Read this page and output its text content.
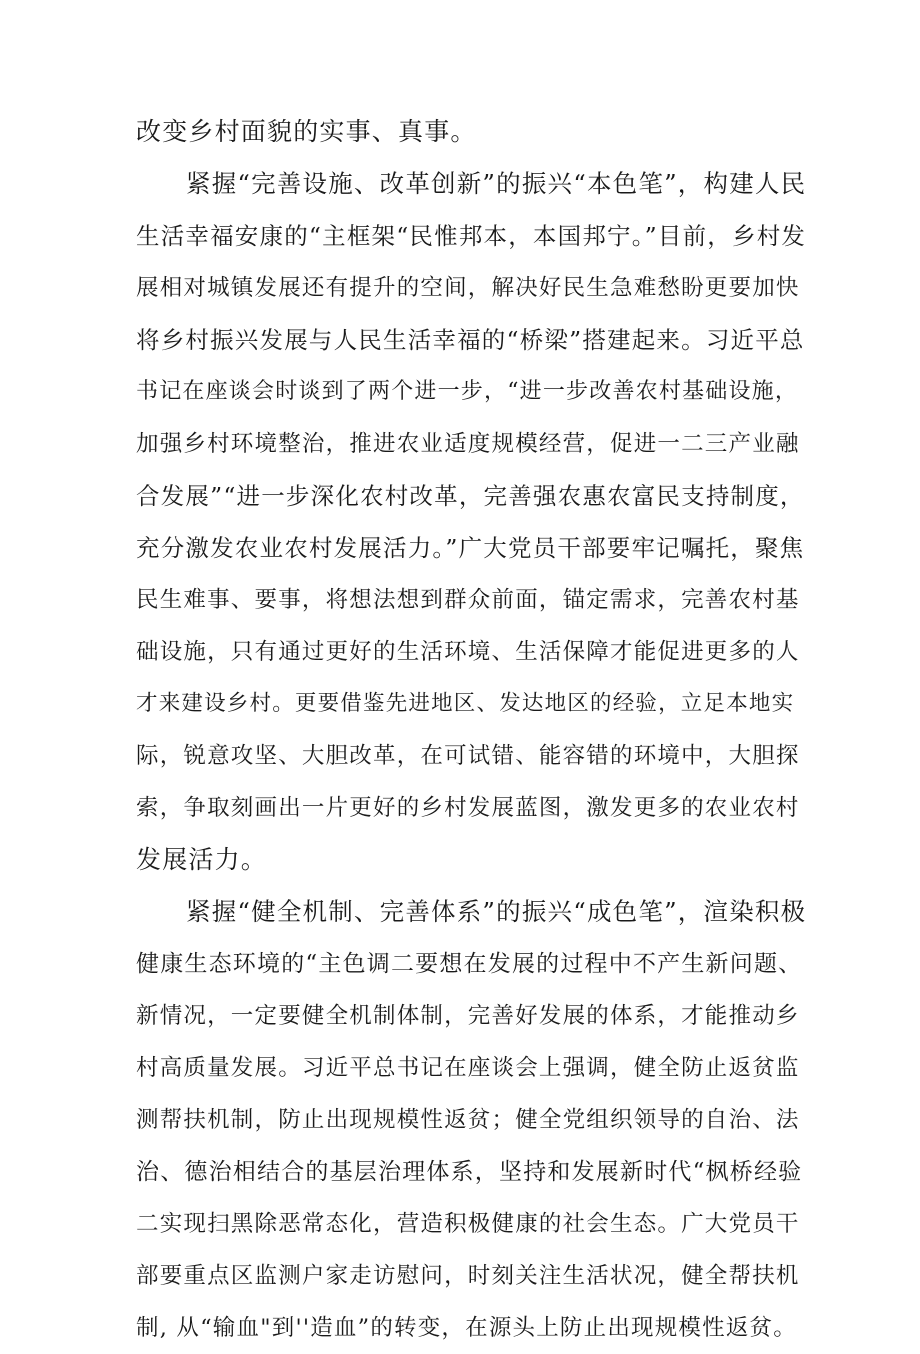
改变乡村面貌的实事、真事。
紧握“完善设施、改革创新”的振兴“本色笔”，构建人民
生活幸福安康的“主框架“民惟邦本，本国邦宁。”目前，乡村发
展相对城镇发展还有提升的空间，解决好民生急难愁盼更要加快
将乡村振兴发展与人民生活幸福的“桥梁”搭建起来。习近平总
书记在座谈会时谈到了两个进一步，“进一步改善农村基础设施，
加强乡村环境整治，推进农业适度规模经营，促进一二三产业融
合发展”“进一步深化农村改革，完善强农惠农富民支持制度，
充分激发农业农村发展活力。”广大党员干部要牢记嘱托，聚焦
民生难事、要事，将想法想到群众前面，锚定需求，完善农村基
础设施，只有通过更好的生活环境、生活保障才能促进更多的人
才来建设乡村。更要借鉴先进地区、发达地区的经验，立足本地实
际，锐意攻坚、大胆改革，在可试错、能容错的环境中，大胆探
索，争取刻画出一片更好的乡村发展蓝图，激发更多的农业农村
发展活力。
紧握“健全机制、完善体系”的振兴“成色笔”，渲染积极
健康生态环境的“主色调二要想在发展的过程中不产生新问题、
新情况，一定要健全机制体制，完善好发展的体系，才能推动乡
村高质量发展。习近平总书记在座谈会上强调，健全防止返贫监
测帮扶机制，防止出现规模性返贫；健全党组织领导的自治、法
治、德治相结合的基层治理体系，坚持和发展新时代“枫桥经验
二实现扫黑除恶常态化，营造积极健康的社会生态。广大党员干
部要重点区监测户家走访慰问，时刻关注生活状况，健全帮扶机
制, 从“输血"到''造血”的转变，在源头上防止出现规模性返贫。
